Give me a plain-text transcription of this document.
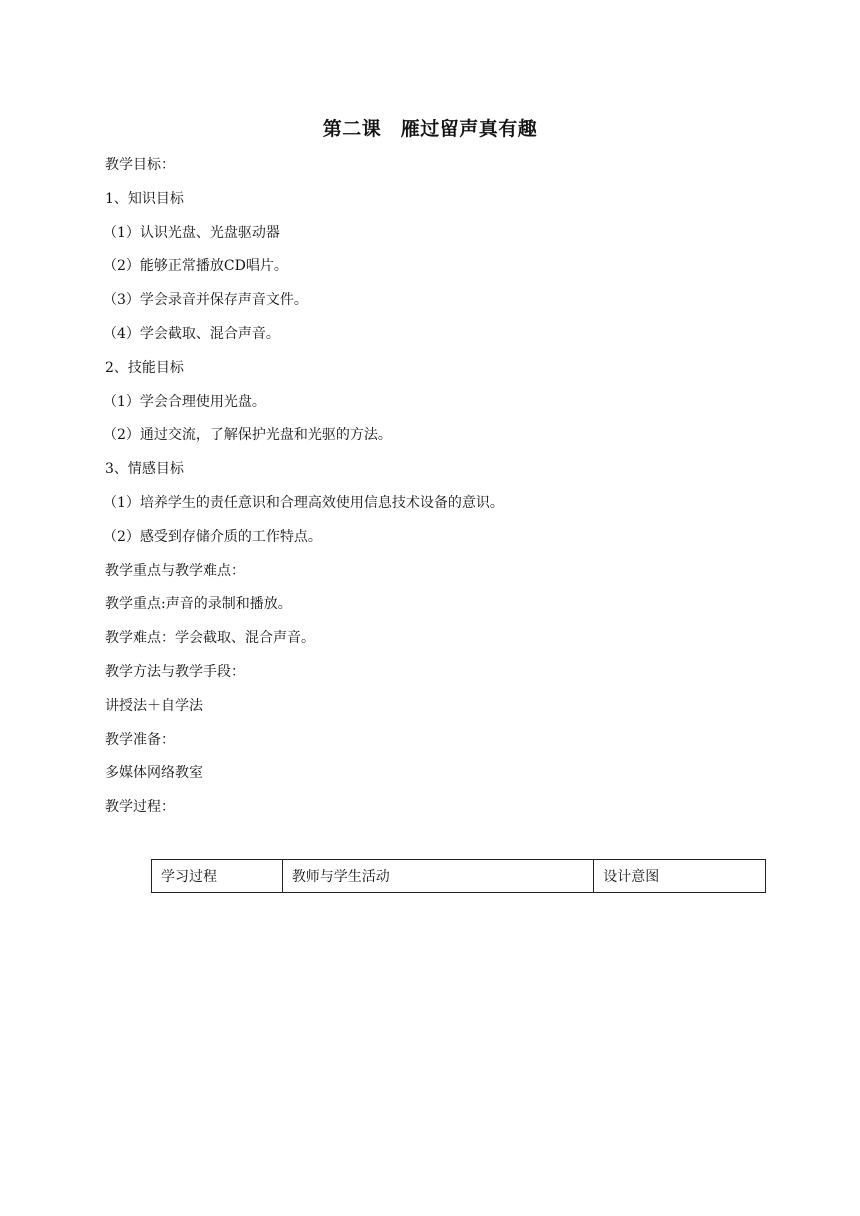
第二课　雁过留声真有趣
教学目标：
1、知识目标
（1）认识光盘、光盘驱动器
（2）能够正常播放CD唱片。
（3）学会录音并保存声音文件。
（4）学会截取、混合声音。
2、技能目标
（1）学会合理使用光盘。
（2）通过交流，了解保护光盘和光驱的方法。
3、情感目标
（1）培养学生的责任意识和合理高效使用信息技术设备的意识。
（2）感受到存储介质的工作特点。
教学重点与教学难点：
教学重点:声音的录制和播放。
教学难点：学会截取、混合声音。
教学方法与教学手段：
讲授法＋自学法
教学准备：
多媒体网络教室
教学过程：
学习过程	教师与学生活动	设计意图
